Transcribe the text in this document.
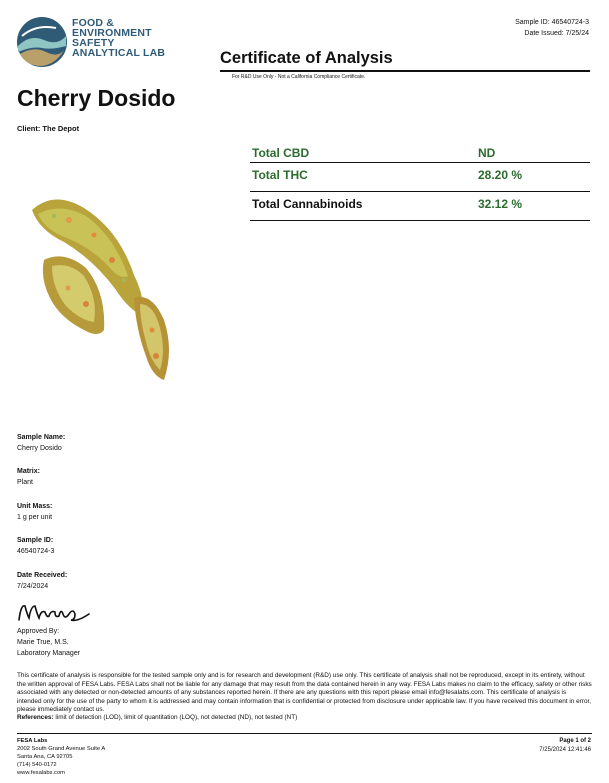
FOOD &
ENVIRONMENT
SAFETY
ANALYTICAL LAB
Sample ID: 46540724-3
Date Issued: 7/25/24
Certificate of Analysis
For R&D Use Only - Not a California Compliance Certificate.
Cherry Dosido
Client: The Depot
Total CBD	ND
Total THC	28.20 %
Total Cannabinoids	32.12 %
Sample Name:
Cherry Dosido
Matrix:
Plant
Unit Mass:
1 g per unit
Sample ID:
46540724-3
Date Received:
7/24/2024
Approved By:
Marie True, M.S.
Laboratory Manager
This certificate of analysis is responsible for the tested sample only and is for research and development (R&D) use only. This certificate of analysis shall not be reproduced, except in its entirety, without the written approval of FESA Labs. FESA Labs shall not be liable for any damage that may result from the data contained herein in any way. FESA Labs makes no claim to the efficacy, safety or other risks associated with any detected or non-detected amounts of any substances reported herein. If there are any questions with this report please email info@fesalabs.com. This certificate of analysis is intended only for the use of the party to whom it is addressed and may contain information that is confidential or protected from disclosure under applicable law. If you have received this document in error, please immediately contact us.
References: limit of detection (LOD), limit of quantitation (LOQ), not detected (ND), not tested (NT)
FESA Labs
2002 South Grand Avenue Suite A
Santa Ana, CA 92705
(714) 540-0172
www.fesalabs.com
Page 1 of 2
7/25/2024 12:41:46
